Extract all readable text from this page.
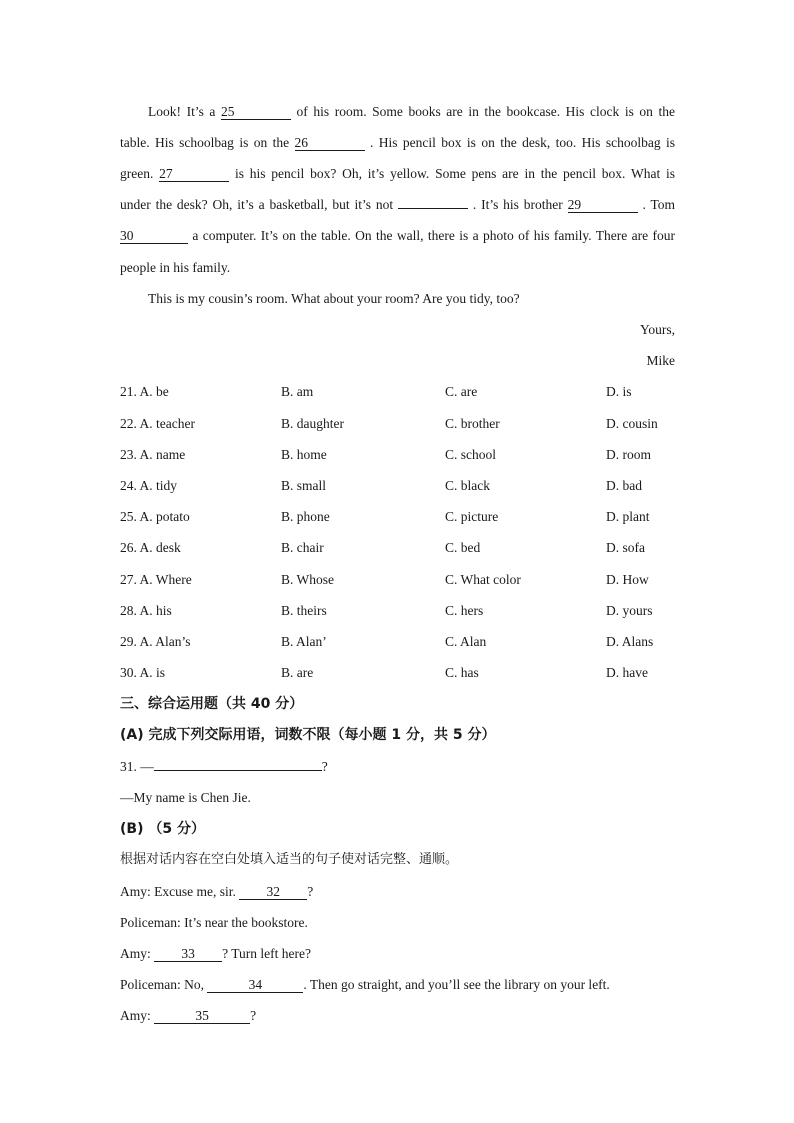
Look! It’s a 25	of his room. Some books are in the bookcase. His clock is on the
table. His schoolbag is on the 26	. His pencil box is on the desk, too. His schoolbag is
green. 27	is his pencil box? Oh, it’s yellow. Some pens are in the pencil box. What is
under the desk? Oh, it’s a basketball, but it’s not	. It’s his brother 29	. Tom
30	a computer. It’s on the table. On the wall, there is a photo of his family. There are four
people in his family.
This is my cousin’s room. What about your room? Are you tidy, too?
Yours,
Mike
21. A. be	B. am	C. are	D. is
22. A. teacher	B. daughter	C. brother	D. cousin
23. A. name	B. home	C. school	D. room
24. A. tidy	B. small	C. black	D. bad
25. A. potato	B. phone	C. picture	D. plant
26. A. desk	B. chair	C. bed	D. sofa
27. A. Where	B. Whose	C. What color	D. How
28. A. his	B. theirs	C. hers	D. yours
29. A. Alan’s	B. Alan’	C. Alan	D. Alans
30. A. is	B. are	C. has	D. have
三、综合运用题（共 40 分）
(A) 完成下列交际用语，词数不限（每小题 1 分，共 5 分）
31. —	?
—My name is Chen Jie.
(B) （5 分）
根据对话内容在空白处填入适当的句子使对话完整、通顺。
Amy: Excuse me, sir. 32 ?
Policeman: It’s near the bookstore.
Amy: 33 ? Turn left here?
Policeman: No,	34	. Then go straight, and you’ll see the library on your left.
Amy:	35	?
